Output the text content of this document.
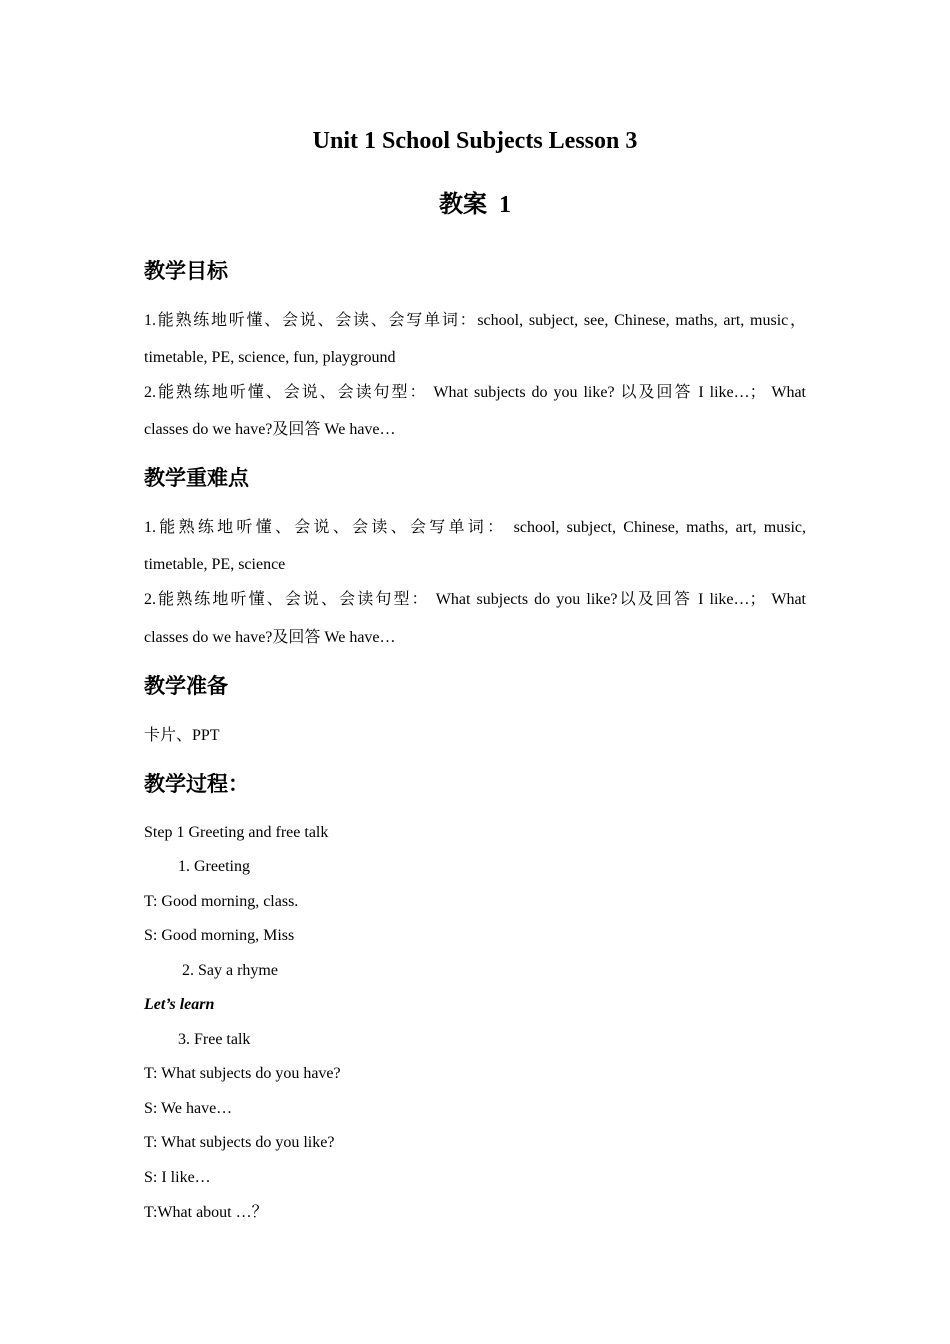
Unit 1 School Subjects Lesson 3
教案  1
教学目标
1.能熟练地听懂、会说、会读、会写单词：school, subject, see, Chinese, maths, art, music，
timetable, PE, science, fun, playground
2.能熟练地听懂、会说、会读句型： What subjects do you like? 以及回答 I like…； What
classes do we have?及回答 We have…
教学重难点
1.能熟练地听懂、会说、会读、会写单词： school, subject, Chinese, maths, art, music,
timetable, PE, science
2.能熟练地听懂、会说、会读句型： What subjects do you like?以及回答 I like…； What
classes do we have?及回答 We have…
教学准备
卡片、PPT
教学过程：
Step 1 Greeting and free talk
1. Greeting
T: Good morning, class.
S: Good morning, Miss
2. Say a rhyme
Let’s learn
3. Free talk
T: What subjects do you have?
S: We have…
T: What subjects do you like?
S: I like…
T:What about …？
